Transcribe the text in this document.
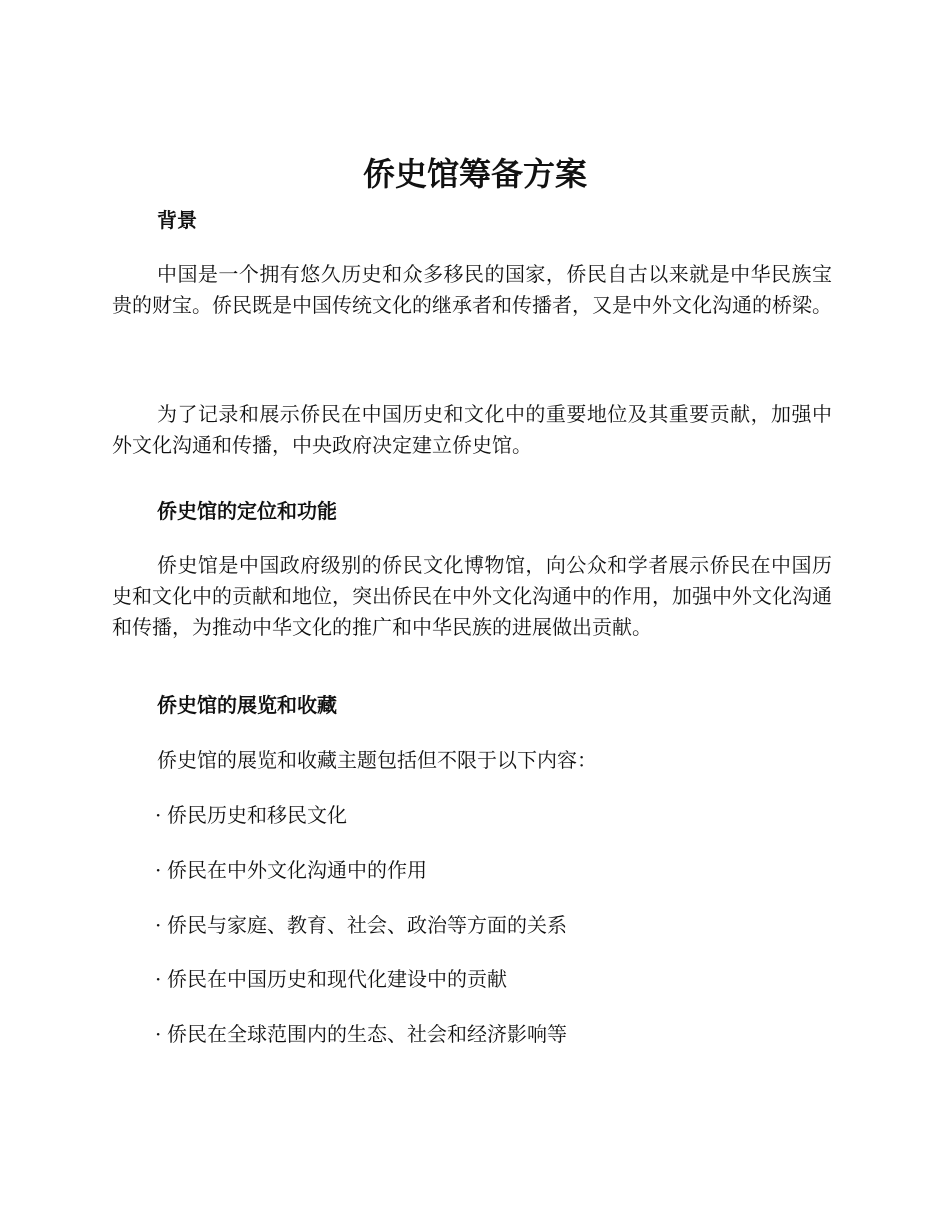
侨史馆筹备方案
背景

中国是一个拥有悠久历史和众多移民的国家，侨民自古以来就是中华民族宝贵的财宝。侨民既是中国传统文化的继承者和传播者，又是中外文化沟通的桥梁。

为了记录和展示侨民在中国历史和文化中的重要地位及其重要贡献，加强中外文化沟通和传播，中央政府决定建立侨史馆。

侨史馆的定位和功能

侨史馆是中国政府级别的侨民文化博物馆，向公众和学者展示侨民在中国历史和文化中的贡献和地位，突出侨民在中外文化沟通中的作用，加强中外文化沟通和传播，为推动中华文化的推广和中华民族的进展做出贡献。

侨史馆的展览和收藏

侨史馆的展览和收藏主题包括但不限于以下内容：

· 侨民历史和移民文化

· 侨民在中外文化沟通中的作用

· 侨民与家庭、教育、社会、政治等方面的关系

· 侨民在中国历史和现代化建设中的贡献

· 侨民在全球范围内的生态、社会和经济影响等
